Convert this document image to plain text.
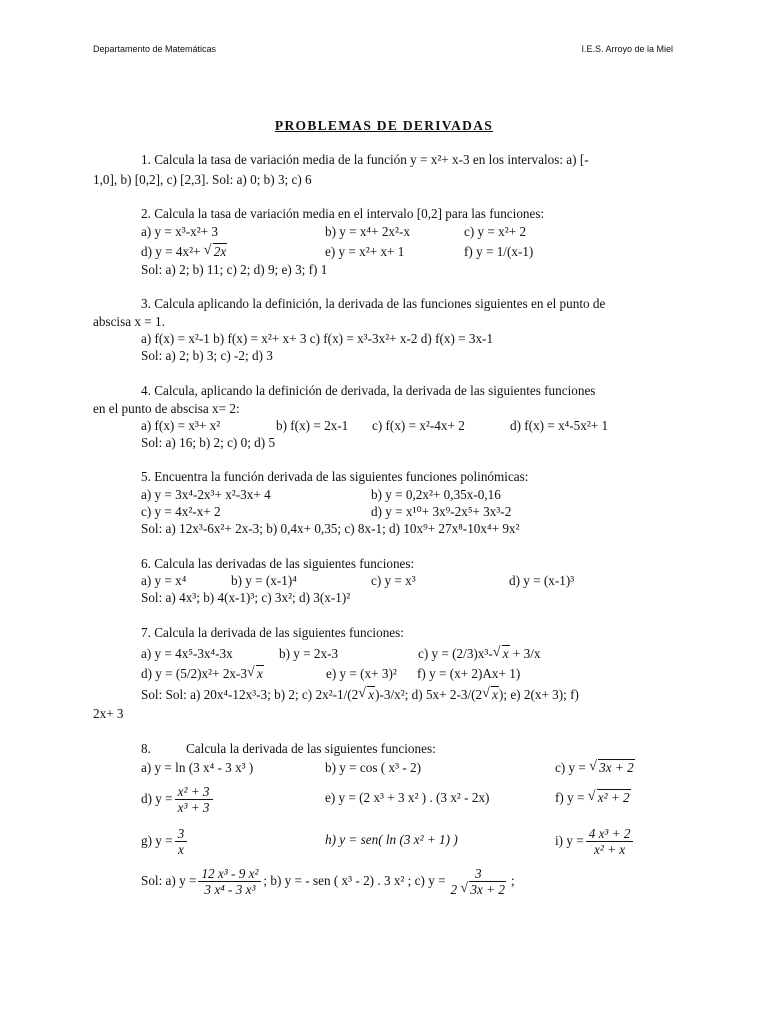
Departamento de Matemáticas	I.E.S. Arroyo de la Miel
PROBLEMAS DE DERIVADAS
1. Calcula la tasa de variación media de la función y = x²+ x-3 en los intervalos: a) [-
1,0], b) [0,2], c) [2,3]. Sol: a) 0; b) 3; c) 6
2. Calcula la tasa de variación media en el intervalo [0,2] para las funciones:
a) y = x³-x²+ 3	b) y = x⁴+ 2x²-x	c) y = x²+ 2
d) y = 4x²+ √ 2x	e) y = x²+ x+ 1	f) y = 1/(x-1)
Sol: a) 2; b) 11; c) 2; d) 9; e) 3; f) 1
3. Calcula aplicando la definición, la derivada de las funciones siguientes en el punto de
abscisa x = 1.
a) f(x) = x²-1 b) f(x) = x²+ x+ 3 c) f(x) = x³-3x²+ x-2 d) f(x) = 3x-1
Sol: a) 2; b) 3; c) -2; d) 3
4. Calcula, aplicando la definición de derivada, la derivada de las siguientes funciones
en el punto de abscisa x= 2:
a) f(x) = x³+ x²	b) f(x) = 2x-1 c) f(x) = x²-4x+ 2	d) f(x) = x⁴-5x²+ 1
Sol: a) 16; b) 2; c) 0; d) 5
5. Encuentra la función derivada de las siguientes funciones polinómicas:
a) y = 3x⁴-2x³+ x²-3x+ 4	b) y = 0,2x²+ 0,35x-0,16
c) y = 4x²-x+ 2	d) y = x¹⁰+ 3x⁹-2x⁵+ 3x³-2
Sol: a) 12x³-6x²+ 2x-3; b) 0,4x+ 0,35; c) 8x-1; d) 10x⁹+ 27x⁸-10x⁴+ 9x²
6. Calcula las derivadas de las siguientes funciones:
a) y = x⁴	b) y = (x-1)⁴	c) y = x³	d) y = (x-1)³
Sol: a) 4x³; b) 4(x-1)³; c) 3x²; d) 3(x-1)²
7. Calcula la derivada de las siguientes funciones:
a) y = 4x⁵-3x⁴-3x	b) y = 2x-3	c) y = (2/3)x³- √ x + 3/x
d) y = (5/2)x²+ 2x-3 √ x	e) y = (x+ 3)² f) y = (x+ 2)Ax+ 1)
Sol: Sol: a) 20x⁴-12x³-3; b) 2; c) 2x²-1/(2 √ x)-3/x²; d) 5x+ 2-3/(2 √ x); e) 2(x+ 3); f)
2x+ 3
8.	Calcula la derivada de las siguientes funciones:
a) y = ln (3 x⁴ - 3 x³ )	b) y = cos ( x³ - 2)	c) y = √ 3x + 2
d) $y = \frac{\text{x² + 3}}{\text{x³ + 3}}$	e) y = (2 x³ + 3 x² ) . (3 x² - 2x)	f) y = √ x² + 2
g) $y = \frac{3}{x}$	h) y = sen( ln (3 x² + 1) )	i) $y = \frac{\text{4 x³ + 2}}{\text{x² + x}}$
Sol: a) $y = \frac{\text{12 x³ - 9 x²}}{\text{3 x⁴ - 3 x³}}$ ; b) y = - sen ( x³ - 2) . 3 x² ; c) $y = \frac{3}{2 √ 3x + 2}$ ;
